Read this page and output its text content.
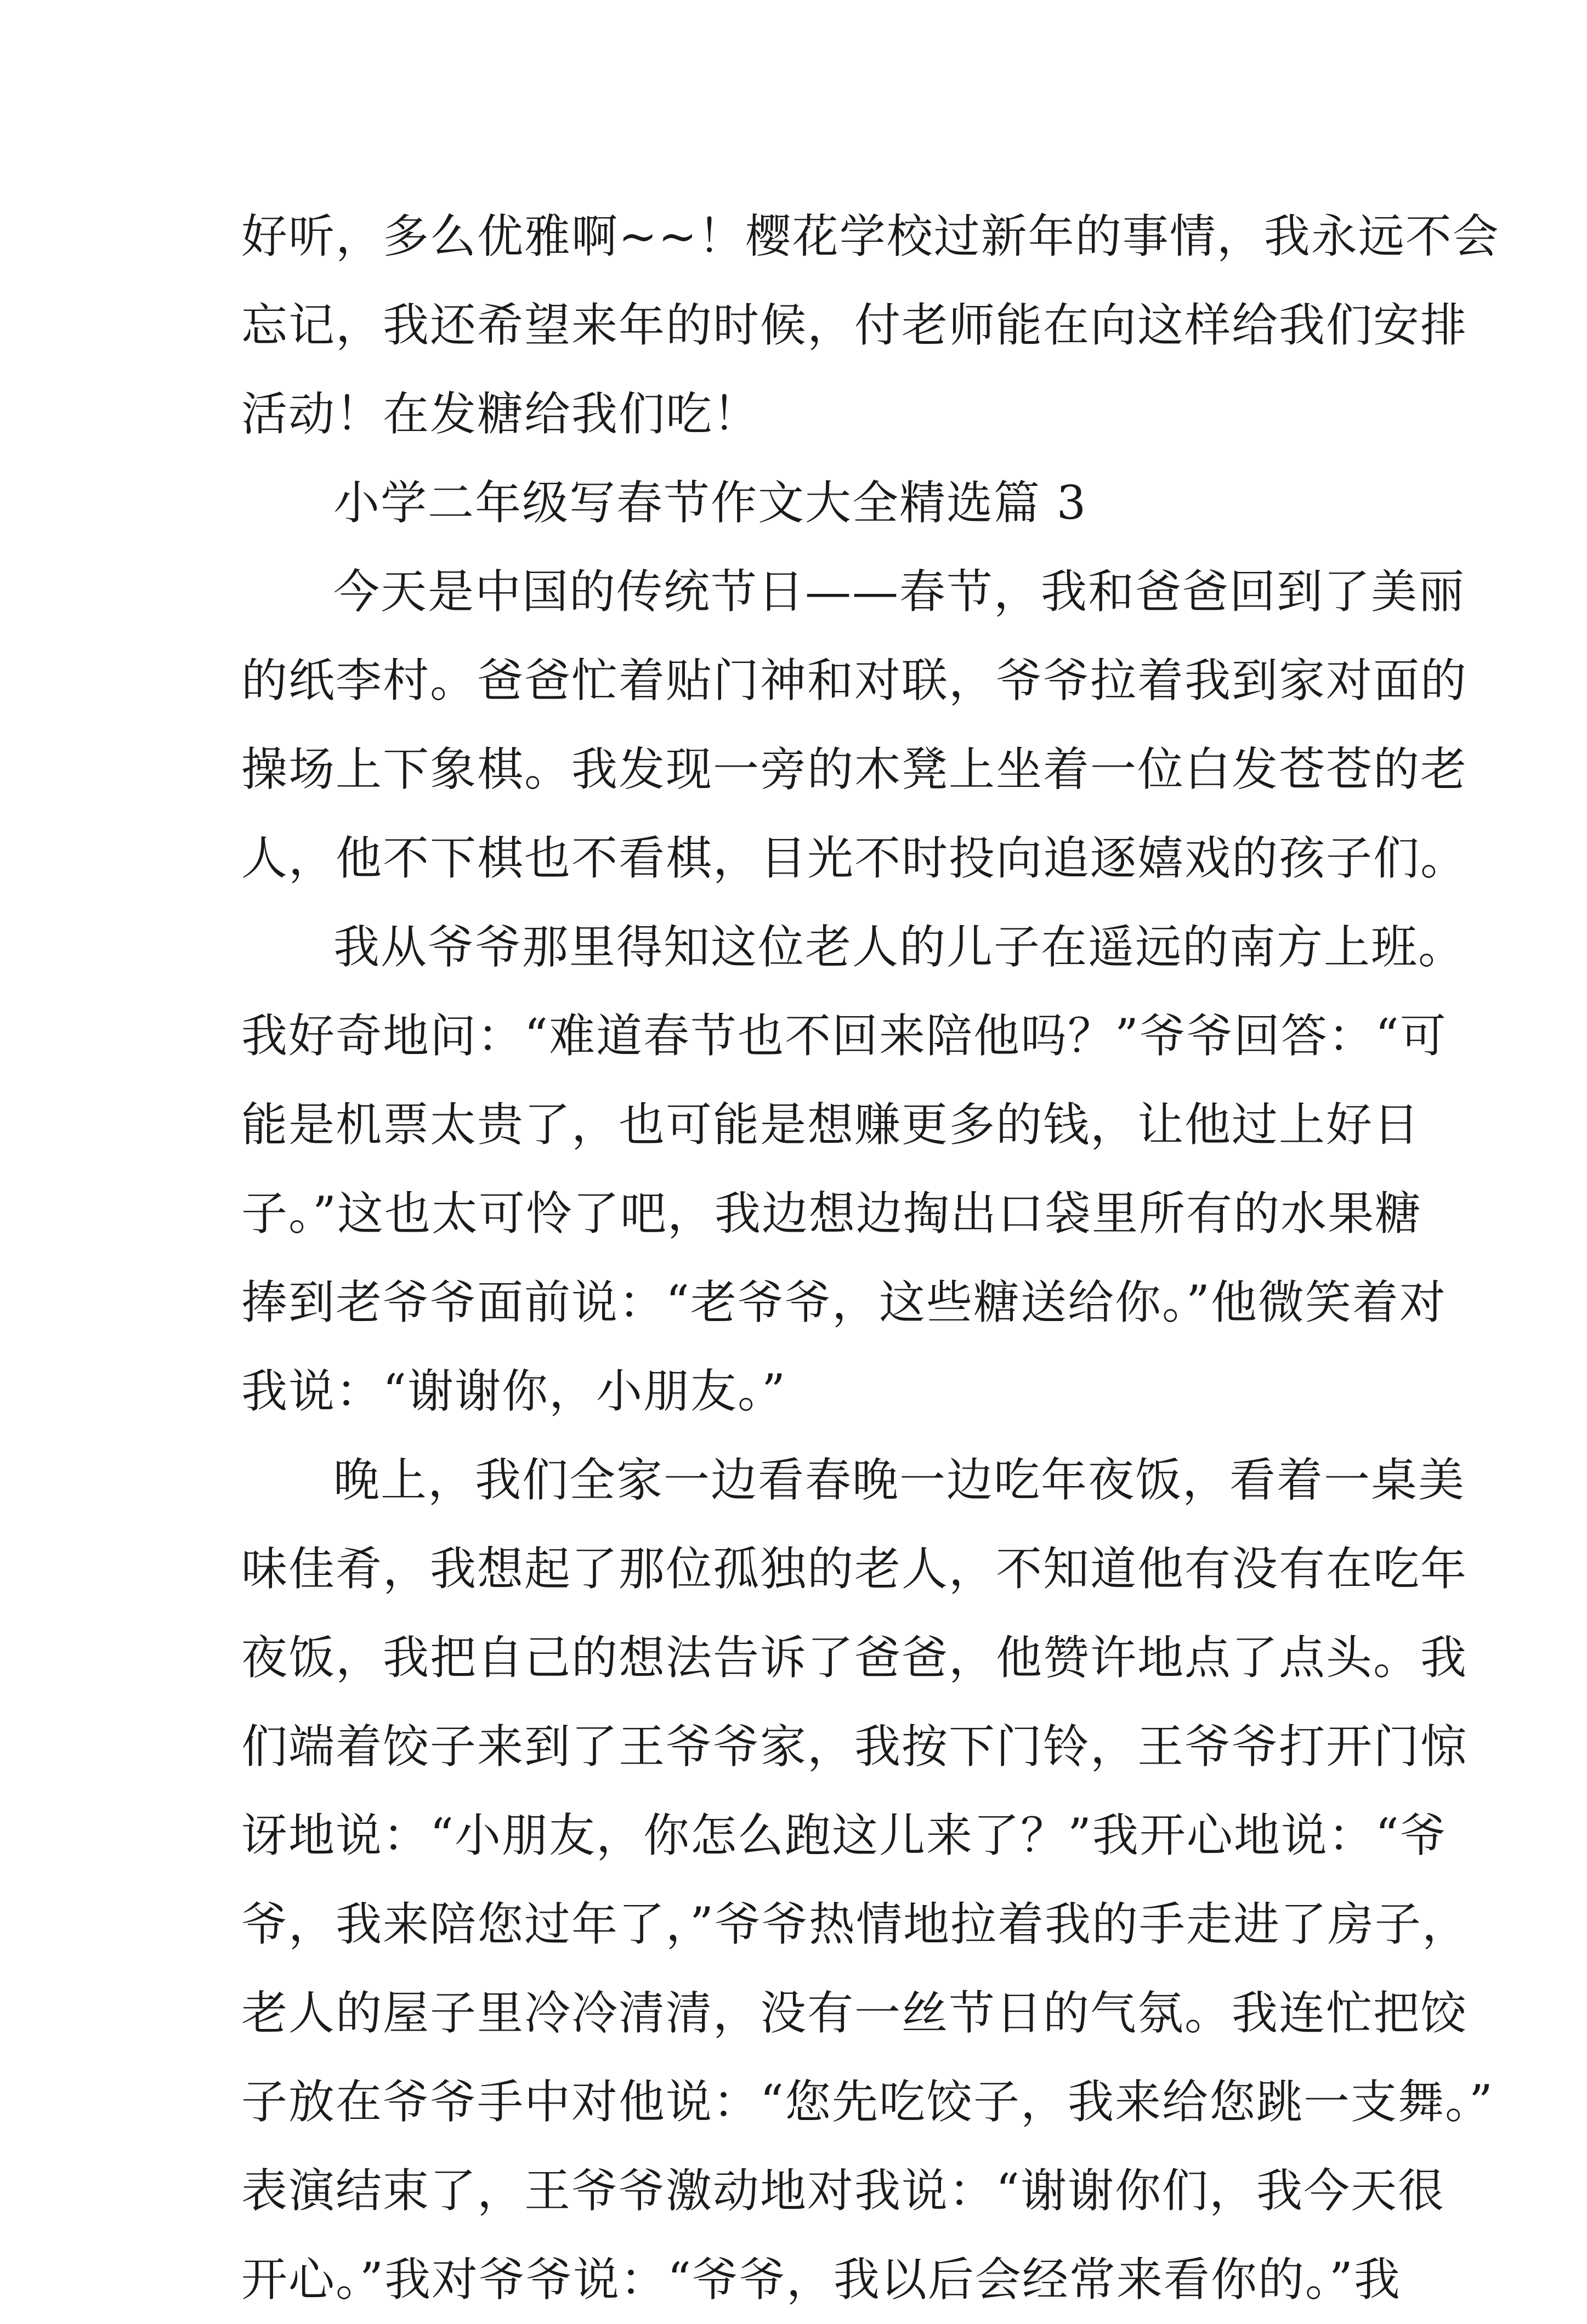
好听，多么优雅啊~~！樱花学校过新年的事情，我永远不会
忘记，我还希望来年的时候，付老师能在向这样给我们安排
活动！在发糖给我们吃！

小学二年级写春节作文大全精选篇 3

今天是中国的传统节日——春节，我和爸爸回到了美丽
的纸李村。爸爸忙着贴门神和对联，爷爷拉着我到家对面的
操场上下象棋。我发现一旁的木凳上坐着一位白发苍苍的老
人，他不下棋也不看棋，目光不时投向追逐嬉戏的孩子们。

我从爷爷那里得知这位老人的儿子在遥远的南方上班。
我好奇地问：“难道春节也不回来陪他吗？”爷爷回答：“可
能是机票太贵了，也可能是想赚更多的钱，让他过上好日
子。”这也太可怜了吧，我边想边掏出口袋里所有的水果糖
捧到老爷爷面前说：“老爷爷，这些糖送给你。”他微笑着对
我说：“谢谢你，小朋友。”

晚上，我们全家一边看春晚一边吃年夜饭，看着一桌美
味佳肴，我想起了那位孤独的老人，不知道他有没有在吃年
夜饭，我把自己的想法告诉了爸爸，他赞许地点了点头。我
们端着饺子来到了王爷爷家，我按下门铃，王爷爷打开门惊
讶地说：“小朋友，你怎么跑这儿来了？”我开心地说：“爷
爷，我来陪您过年了，”爷爷热情地拉着我的手走进了房子，
老人的屋子里冷冷清清，没有一丝节日的气氛。我连忙把饺
子放在爷爷手中对他说：“您先吃饺子，我来给您跳一支舞。”
表演结束了，王爷爷激动地对我说：“谢谢你们，我今天很
开心。”我对爷爷说：“爷爷，我以后会经常来看你的。”我
